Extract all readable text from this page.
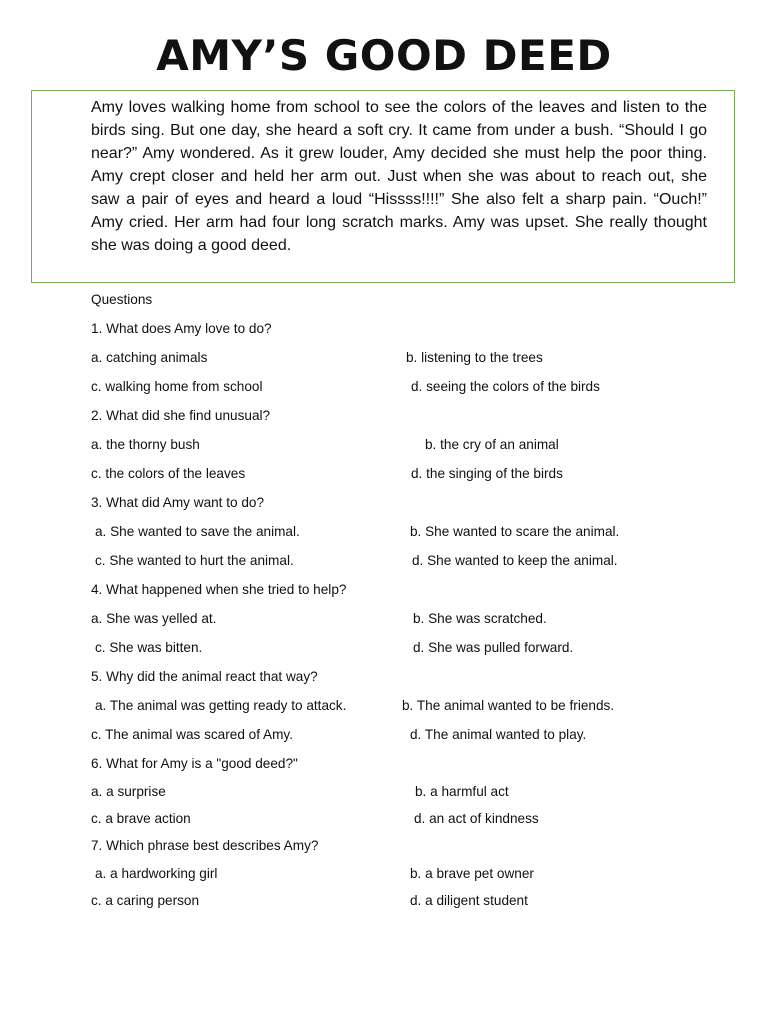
AMY’S GOOD DEED
Amy loves walking home from school to see the colors of the leaves and listen to the birds sing. But one day, she heard a soft cry. It came from under a bush. “Should I go near?” Amy wondered. As it grew louder, Amy decided she must help the poor thing. Amy crept closer and held her arm out. Just when she was about to reach out, she saw a pair of eyes and heard a loud “Hissss!!!!” She also felt a sharp pain. “Ouch!” Amy cried. Her arm had four long scratch marks. Amy was upset. She really thought she was doing a good deed.
Questions
1. What does Amy love to do?
a. catching animals	b. listening to the trees
c. walking home from school	d. seeing the colors of the birds
2. What did she find unusual?
a. the thorny bush	b. the cry of an animal
c. the colors of the leaves	d. the singing of the birds
3. What did Amy want to do?
a. She wanted to save the animal.	b. She wanted to scare the animal.
c. She wanted to hurt the animal.	d. She wanted to keep the animal.
4. What happened when she tried to help?
a. She was yelled at.	b. She was scratched.
c. She was bitten.	d. She was pulled forward.
5. Why did the animal react that way?
a. The animal was getting ready to attack.	b. The animal wanted to be friends.
c. The animal was scared of Amy.	d. The animal wanted to play.
6. What for Amy is a "good deed?"
a. a surprise	b. a harmful act
c. a brave action	d. an act of kindness
7. Which phrase best describes Amy?
a. a hardworking girl	b. a brave pet owner
c. a caring person	d. a diligent student
